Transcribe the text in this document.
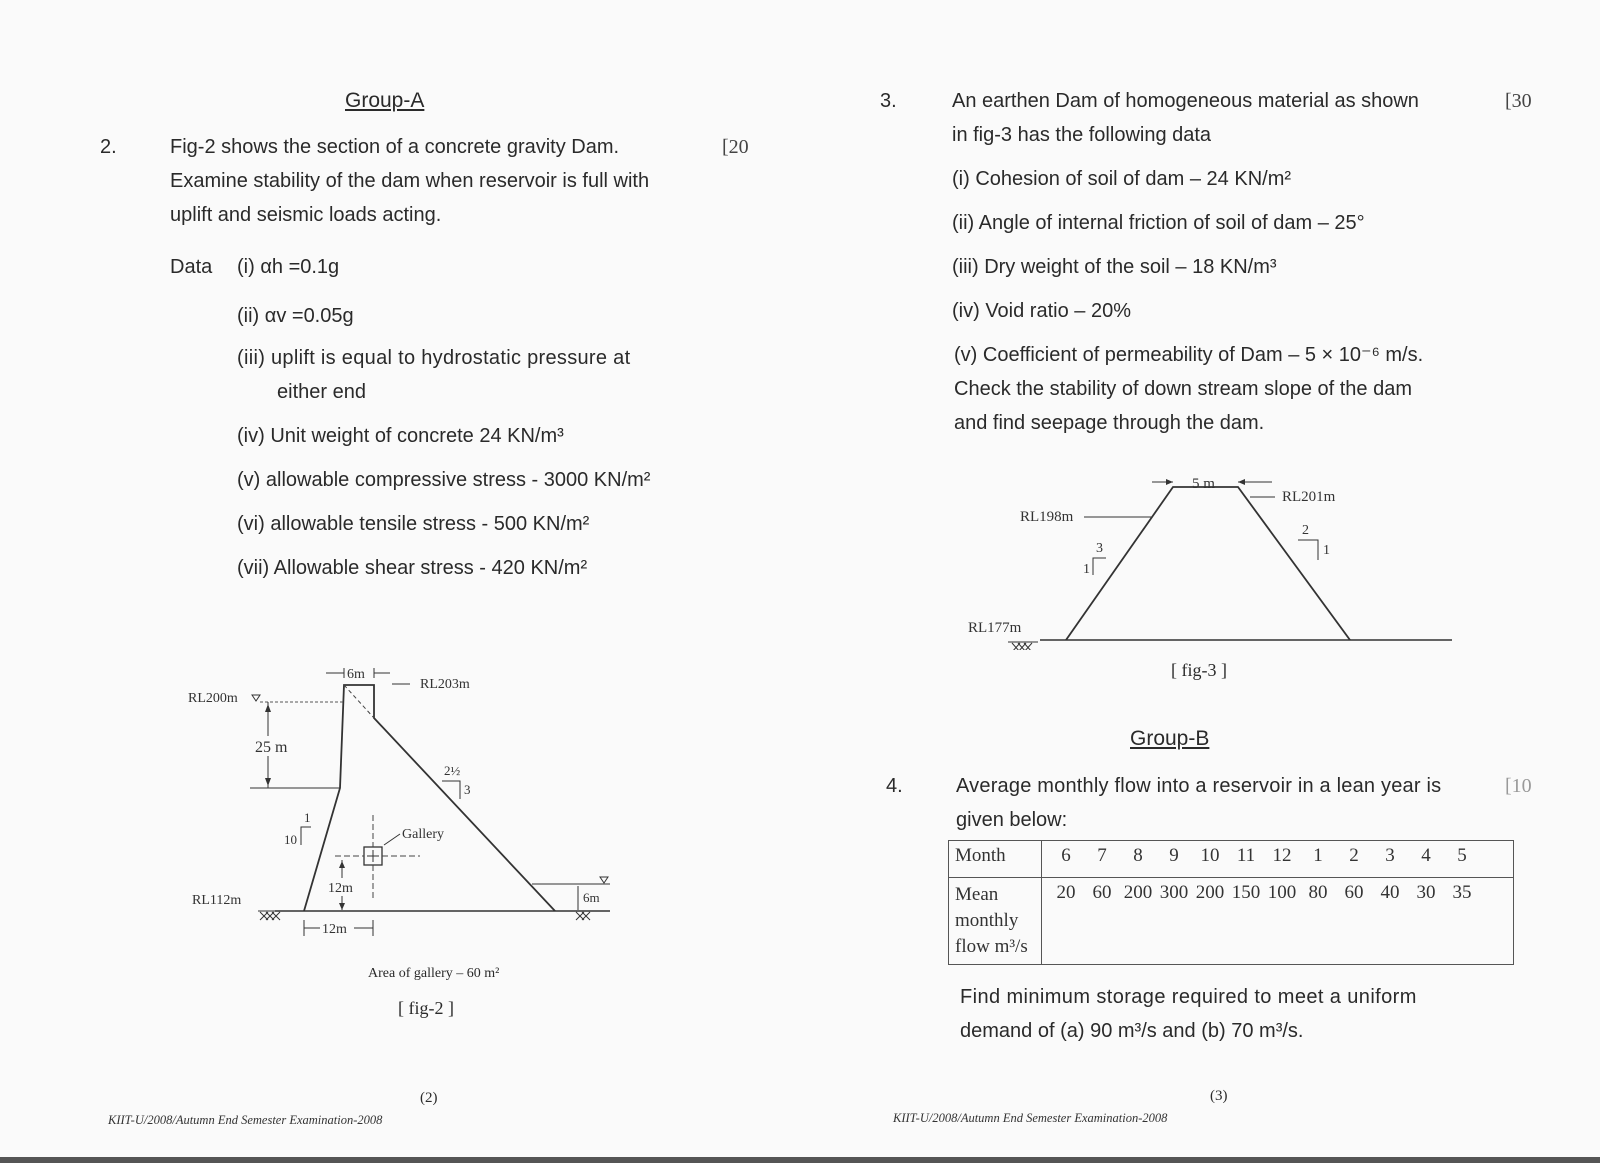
Group-A
2.	Fig-2 shows the section of a concrete gravity Dam.
Examine stability of the dam when reservoir is full with
uplift and seismic loads acting.
[20
Data (i) αh =0.1g
(ii) αv =0.05g
(iii) uplift is equal to hydrostatic pressure at
either end
(iv) Unit weight of concrete 24 KN/m³
(v) allowable compressive stress - 3000 KN/m²
(vi) allowable tensile stress - 500 KN/m²
(vii) Allowable shear stress - 420 KN/m²
RL200m
25 m
6m
RL203m
1
10
2½
3
Gallery
12m
12m
RL112m	6m
Area of gallery – 60 m²
[ fig-2 ]
(2)
KIIT-U/2008/Autumn End Semester Examination-2008
3.	An earthen Dam of homogeneous material as shown
in fig-3 has the following data
[30
(i) Cohesion of soil of dam – 24 KN/m²
(ii) Angle of internal friction of soil of dam – 25°
(iii) Dry weight of the soil – 18 KN/m³
(iv) Void ratio – 20%
(v) Coefficient of permeability of Dam – 5 × 10⁻⁶ m/s.
Check the stability of down stream slope of the dam
and find seepage through the dam.
RL177m
RL198m
5 m
RL201m
3
1
2
1
[ fig-3 ]
Group-B
4.	Average monthly flow into a reservoir in a lean year is
given below:
[10
Month	6 7 8 9 10 11 12 1 2 3 4 5

Mean
monthly
flow m³/s	20 60 200 300 200 150 100 80 60 40 30 35
Find minimum storage required to meet a uniform
demand of (a) 90 m³/s and (b) 70 m³/s.
(3)
KIIT-U/2008/Autumn End Semester Examination-2008
